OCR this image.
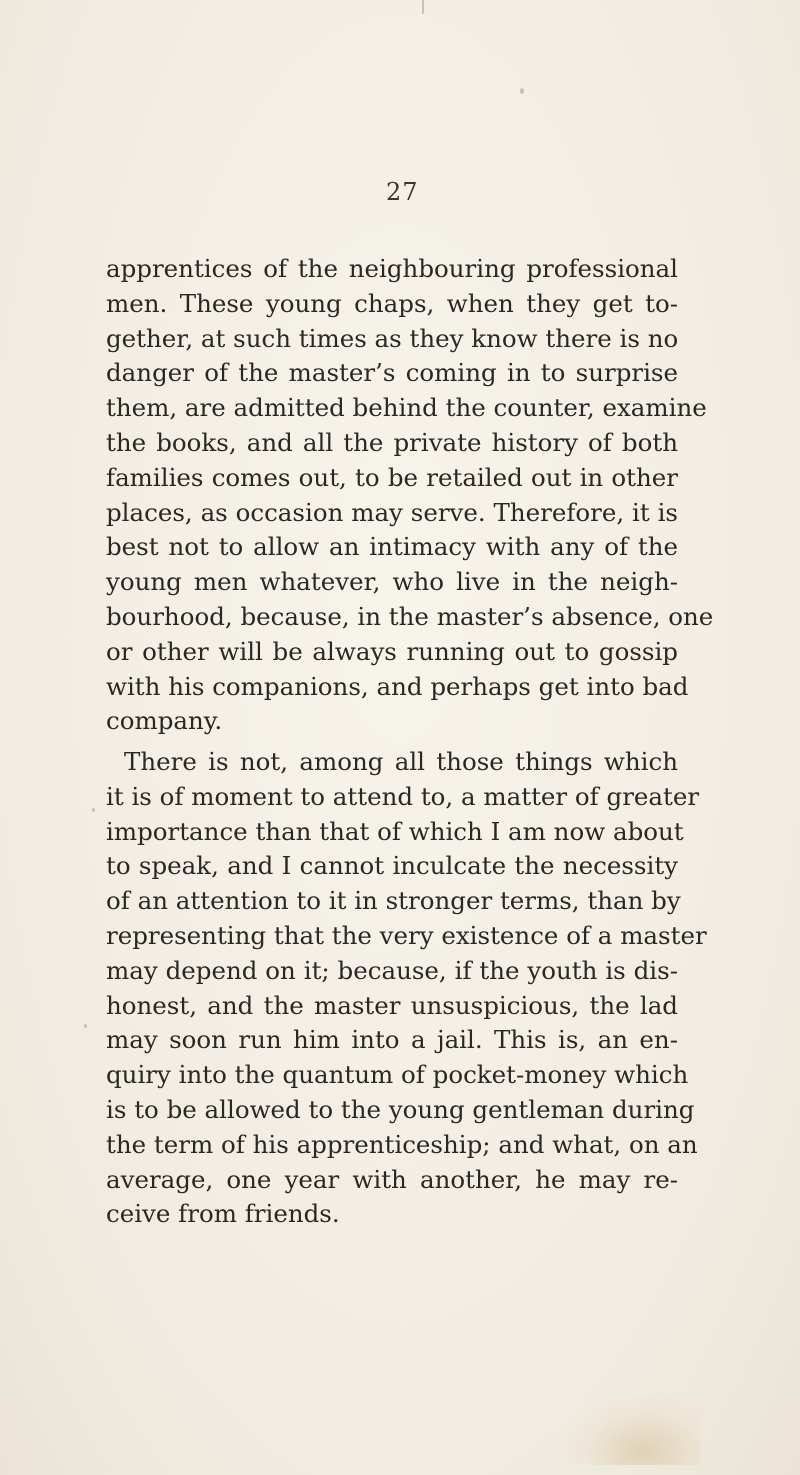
27
apprentices of the neighbouring professional
men. These young chaps, when they get to-
gether, at such times as they know there is no
danger of the master’s coming in to surprise
them, are admitted behind the counter, examine
the books, and all the private history of both
families comes out, to be retailed out in other
places, as occasion may serve. Therefore, it is
best not to allow an intimacy with any of the
young men whatever, who live in the neigh-
bourhood, because, in the master’s absence, one
or other will be always running out to gossip
with his companions, and perhaps get into bad
company.
There is not, among all those things which
it is of moment to attend to, a matter of greater
importance than that of which I am now about
to speak, and I cannot inculcate the necessity
of an attention to it in stronger terms, than by
representing that the very existence of a master
may depend on it; because, if the youth is dis-
honest, and the master unsuspicious, the lad
may soon run him into a jail. This is, an en-
quiry into the quantum of pocket-money which
is to be allowed to the young gentleman during
the term of his apprenticeship; and what, on an
average, one year with another, he may re-
ceive from friends.
